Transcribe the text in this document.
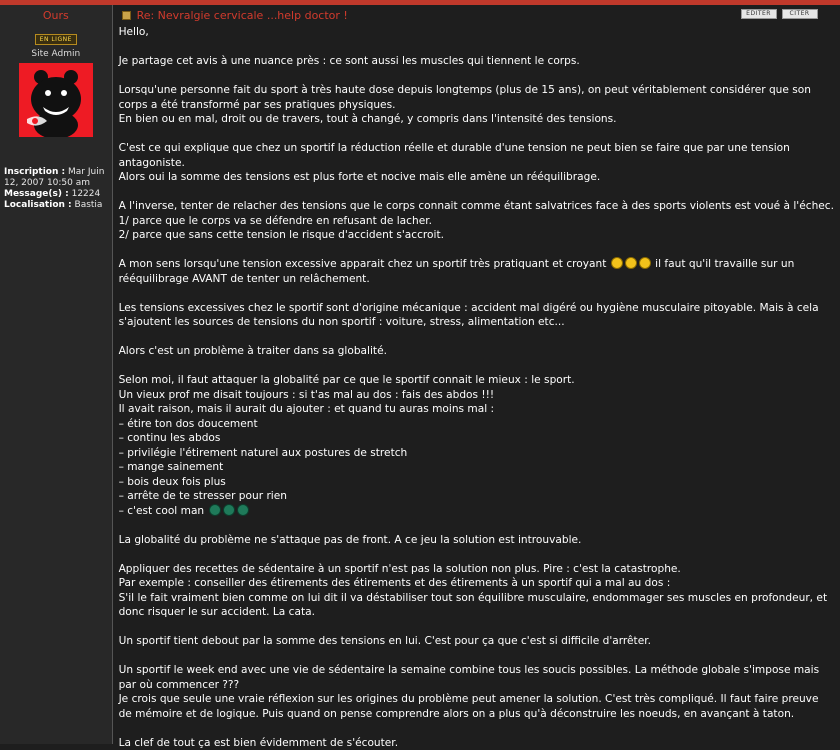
Ours
EN LIGNE
Site Admin
Inscription : Mar Juin 12, 2007 10:50 am
Message(s) : 12224
Localisation : Bastia
Re: Nevralgie cervicale ...help doctor !	EDITER	CITER

Hello,

Je partage cet avis à une nuance près : ce sont aussi les muscles qui tiennent le corps.

Lorsqu'une personne fait du sport à très haute dose depuis longtemps (plus de 15 ans), on peut véritablement considérer que son corps a été transformé par ses pratiques physiques.
En bien ou en mal, droit ou de travers, tout à changé, y compris dans l'intensité des tensions.

C'est ce qui explique que chez un sportif la réduction réelle et durable d'une tension ne peut bien se faire que par une tension antagoniste.
Alors oui la somme des tensions est plus forte et nocive mais elle amène un rééquilibrage.

A l'inverse, tenter de relacher des tensions que le corps connait comme étant salvatrices face à des sports violents est voué à l'échec.
1/ parce que le corps va se défendre en refusant de lacher.
2/ parce que sans cette tension le risque d'accident s'accroit.

A mon sens lorsqu'une tension excessive apparait chez un sportif très pratiquant et croyant	il faut qu'il travaille sur un rééquilibrage AVANT de tenter un relâchement.

Les tensions excessives chez le sportif sont d'origine mécanique : accident mal digéré ou hygiène musculaire pitoyable. Mais à cela s'ajoutent les sources de tensions du non sportif : voiture, stress, alimentation etc...

Alors c'est un problème à traiter dans sa globalité.

Selon moi, il faut attaquer la globalité par ce que le sportif connait le mieux : le sport.
Un vieux prof me disait toujours : si t'as mal au dos : fais des abdos !!!
Il avait raison, mais il aurait du ajouter : et quand tu auras moins mal :
– étire ton dos doucement
– continu les abdos
– privilégie l'étirement naturel aux postures de stretch
– mange sainement
– bois deux fois plus
– arrête de te stresser pour rien
– c'est cool man

La globalité du problème ne s'attaque pas de front. A ce jeu la solution est introuvable.

Appliquer des recettes de sédentaire à un sportif n'est pas la solution non plus. Pire : c'est la catastrophe.
Par exemple : conseiller des étirements des étirements et des étirements à un sportif qui a mal au dos :
S'il le fait vraiment bien comme on lui dit il va déstabiliser tout son équilibre musculaire, endommager ses muscles en profondeur, et donc risquer le sur accident. La cata.

Un sportif tient debout par la somme des tensions en lui. C'est pour ça que c'est si difficile d'arrêter.

Un sportif le week end avec une vie de sédentaire la semaine combine tous les soucis possibles. La méthode globale s'impose mais par où commencer ???
Je crois que seule une vraie réflexion sur les origines du problème peut amener la solution. C'est très compliqué. Il faut faire preuve de mémoire et de logique. Puis quand on pense comprendre alors on a plus qu'à déconstruire les noeuds, en avançant à taton.

La clef de tout ça est bien évidemment de s'écouter.
